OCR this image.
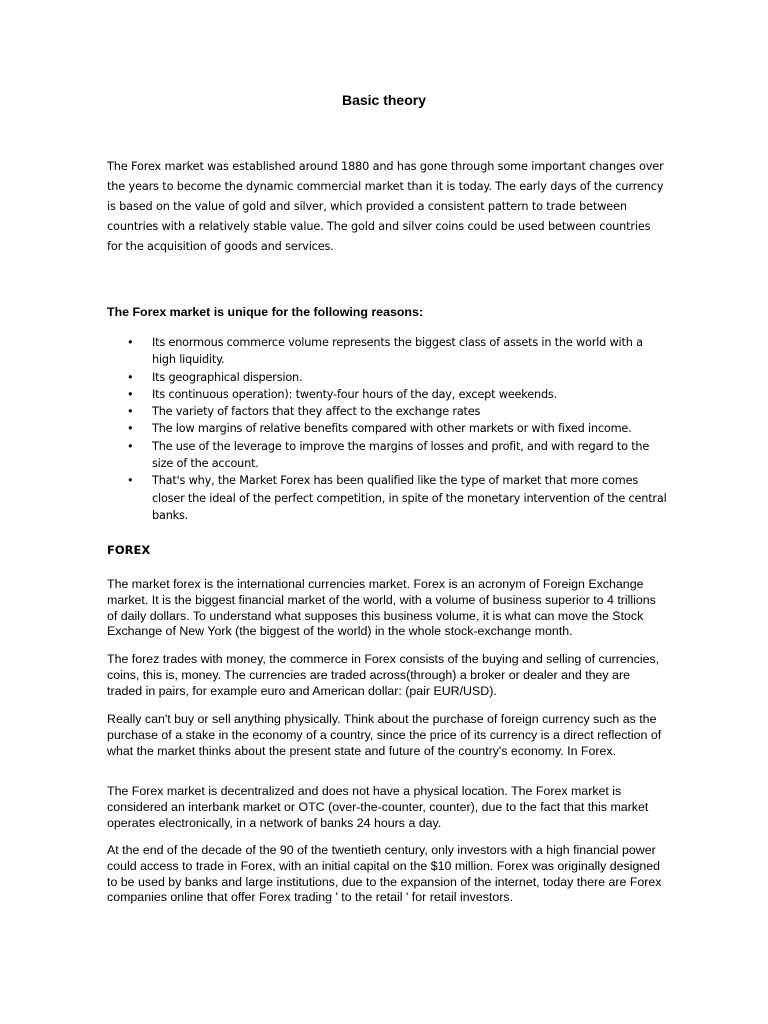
Basic theory

The Forex market was established around 1880 and has gone through some important changes over the years to become the dynamic commercial market than it is today. The early days of the currency is based on the value of gold and silver, which provided a consistent pattern to trade between countries with a relatively stable value. The gold and silver coins could be used between countries for the acquisition of goods and services.

The Forex market is unique for the following reasons:
• Its enormous commerce volume represents the biggest class of assets in the world with a high liquidity.
• Its geographical dispersion.
• Its continuous operation): twenty-four hours of the day, except weekends.
• The variety of factors that they affect to the exchange rates
• The low margins of relative benefits compared with other markets or with fixed income.
• The use of the leverage to improve the margins of losses and profit, and with regard to the size of the account.
• That's why, the Market Forex has been qualified like the type of market that more comes closer the ideal of the perfect competition, in spite of the monetary intervention of the central banks.
FOREX

The market forex is the international currencies market. Forex is an acronym of Foreign Exchange market. It is the biggest financial market of the world, with a volume of business superior to 4 trillions of daily dollars. To understand what supposes this business volume, it is what can move the Stock Exchange of New York (the biggest of the world) in the whole stock-exchange month.

The forez trades with money, the commerce in Forex consists of the buying and selling of currencies, coins, this is, money. The currencies are traded across(through) a broker or dealer and they are traded in pairs, for example euro and American dollar: (pair EUR/USD).

Really can't buy or sell anything physically. Think about the purchase of foreign currency such as the purchase of a stake in the economy of a country, since the price of its currency is a direct reflection of what the market thinks about the present state and future of the country's economy. In Forex.

The Forex market is decentralized and does not have a physical location. The Forex market is considered an interbank market or OTC (over-the-counter, counter), due to the fact that this market operates electronically, in a network of banks 24 hours a day.

At the end of the decade of the 90 of the twentieth century, only investors with a high financial power could access to trade in Forex, with an initial capital on the $10 million. Forex was originally designed to be used by banks and large institutions, due to the expansion of the internet, today there are Forex companies online that offer Forex trading ' to the retail ' for retail investors.
